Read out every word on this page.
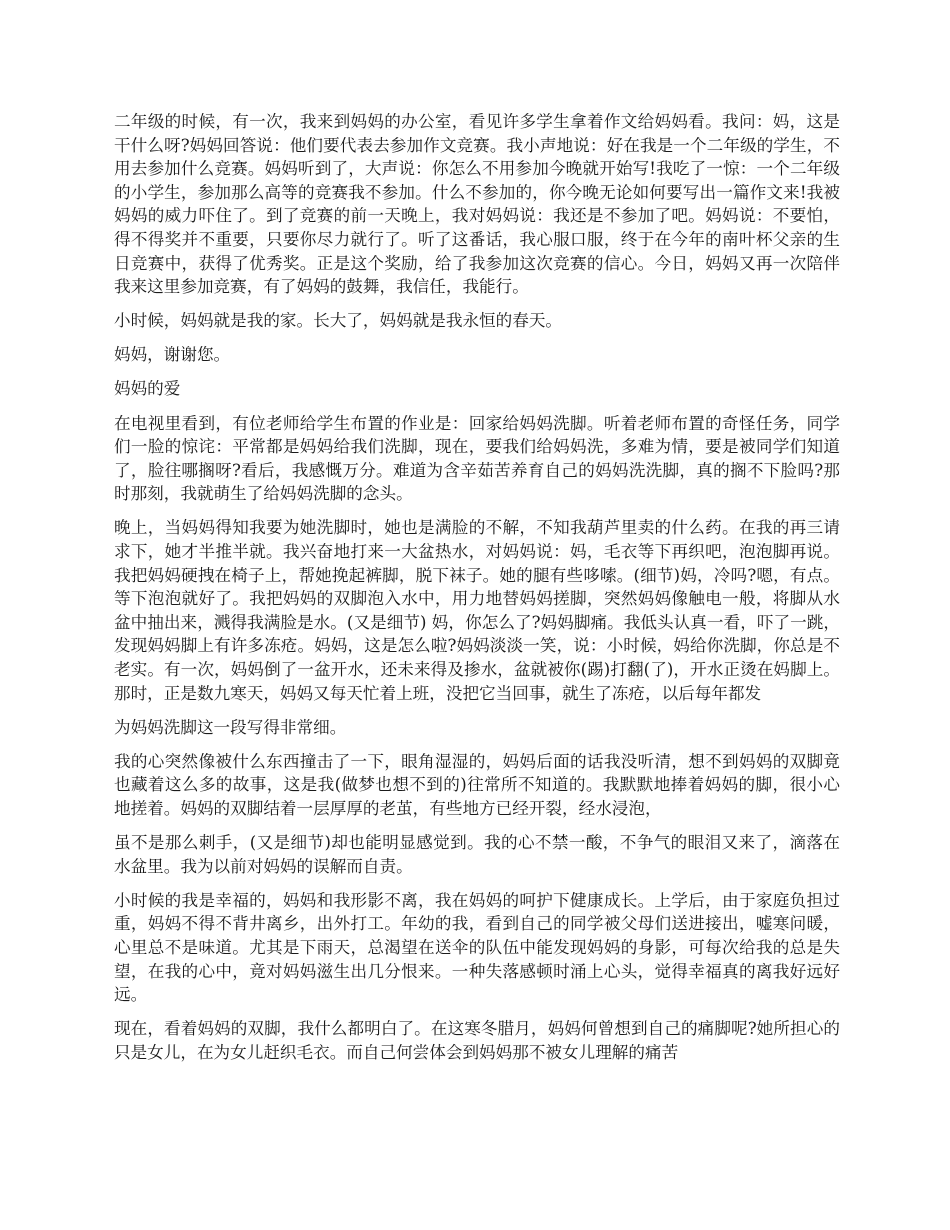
二年级的时候，有一次，我来到妈妈的办公室，看见许多学生拿着作文给妈妈看。我问：妈，这是干什么呀?妈妈回答说：他们要代表去参加作文竞赛。我小声地说：好在我是一个二年级的学生，不用去参加什么竞赛。妈妈听到了，大声说：你怎么不用参加今晚就开始写!我吃了一惊：一个二年级的小学生，参加那么高等的竞赛我不参加。什么不参加的，你今晚无论如何要写出一篇作文来!我被妈妈的威力吓住了。到了竞赛的前一天晚上，我对妈妈说：我还是不参加了吧。妈妈说：不要怕，得不得奖并不重要，只要你尽力就行了。听了这番话，我心服口服，终于在今年的南叶杯父亲的生日竞赛中，获得了优秀奖。正是这个奖励，给了我参加这次竞赛的信心。今日，妈妈又再一次陪伴我来这里参加竞赛，有了妈妈的鼓舞，我信任，我能行。

小时候，妈妈就是我的家。长大了，妈妈就是我永恒的春天。

妈妈，谢谢您。

妈妈的爱

在电视里看到，有位老师给学生布置的作业是：回家给妈妈洗脚。听着老师布置的奇怪任务，同学们一脸的惊诧：平常都是妈妈给我们洗脚，现在，要我们给妈妈洗，多难为情，要是被同学们知道了，脸往哪搁呀?看后，我感慨万分。难道为含辛茹苦养育自己的妈妈洗洗脚，真的搁不下脸吗?那时那刻，我就萌生了给妈妈洗脚的念头。

晚上，当妈妈得知我要为她洗脚时，她也是满脸的不解，不知我葫芦里卖的什么药。在我的再三请求下，她才半推半就。我兴奋地打来一大盆热水，对妈妈说：妈，毛衣等下再织吧，泡泡脚再说。我把妈妈硬拽在椅子上，帮她挽起裤脚，脱下袜子。她的腿有些哆嗦。(细节)妈，冷吗?嗯，有点。等下泡泡就好了。我把妈妈的双脚泡入水中，用力地替妈妈搓脚，突然妈妈像触电一般，将脚从水盆中抽出来，溅得我满脸是水。(又是细节) 妈，你怎么了?妈妈脚痛。我低头认真一看，吓了一跳，发现妈妈脚上有许多冻疮。妈妈，这是怎么啦?妈妈淡淡一笑，说：小时候，妈给你洗脚，你总是不老实。有一次，妈妈倒了一盆开水，还未来得及掺水，盆就被你(踢)打翻(了)，开水正烫在妈脚上。那时，正是数九寒天，妈妈又每天忙着上班，没把它当回事，就生了冻疮，以后每年都发

为妈妈洗脚这一段写得非常细。

我的心突然像被什么东西撞击了一下，眼角湿湿的，妈妈后面的话我没听清，想不到妈妈的双脚竟也藏着这么多的故事，这是我(做梦也想不到的)往常所不知道的。我默默地捧着妈妈的脚，很小心地搓着。妈妈的双脚结着一层厚厚的老茧，有些地方已经开裂，经水浸泡，

虽不是那么刺手，(又是细节)却也能明显感觉到。我的心不禁一酸，不争气的眼泪又来了，滴落在水盆里。我为以前对妈妈的误解而自责。

小时候的我是幸福的，妈妈和我形影不离，我在妈妈的呵护下健康成长。上学后，由于家庭负担过重，妈妈不得不背井离乡，出外打工。年幼的我，看到自己的同学被父母们送进接出，嘘寒问暖，心里总不是味道。尤其是下雨天，总渴望在送伞的队伍中能发现妈妈的身影，可每次给我的总是失望，在我的心中，竟对妈妈滋生出几分恨来。一种失落感顿时涌上心头，觉得幸福真的离我好远好远。

现在，看着妈妈的双脚，我什么都明白了。在这寒冬腊月，妈妈何曾想到自己的痛脚呢?她所担心的只是女儿，在为女儿赶织毛衣。而自己何尝体会到妈妈那不被女儿理解的痛苦
